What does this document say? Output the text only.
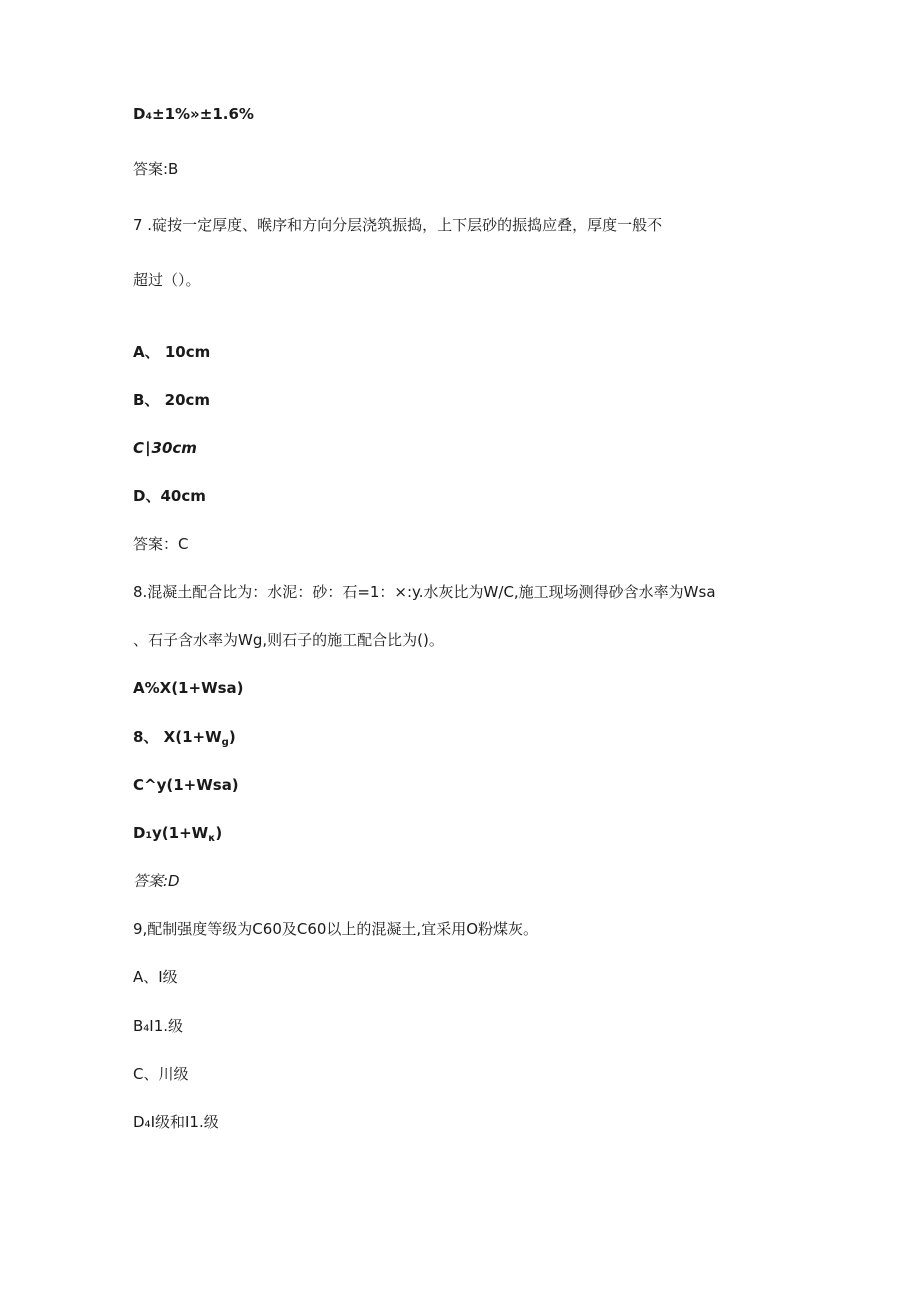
D₄±1%»±1.6%

答案:B

7 .碇按一定厚度、喉序和方向分层浇筑振捣，上下层砂的振捣应叠，厚度一般不

超过（）。

A、 10cm

B、 20cm

C∣30cm

D、40cm

答案：C

8.混凝土配合比为：水泥：砂：石=1：×:y.水灰比为W/C,施工现场测得砂含水率为Wsa

、石子含水率为Wg,则石子的施工配合比为()。

A%X(1+Wsa)

8、 $X(1+W_g)$

C^y(1+Wsa)

$D_1y(1+W_\kappa)$

答案:D

9,配制强度等级为C60及C60以上的混凝土,宜采用O粉煤灰。

A、I级

B₄I1.级

C、川级

D₄I级和I1.级
